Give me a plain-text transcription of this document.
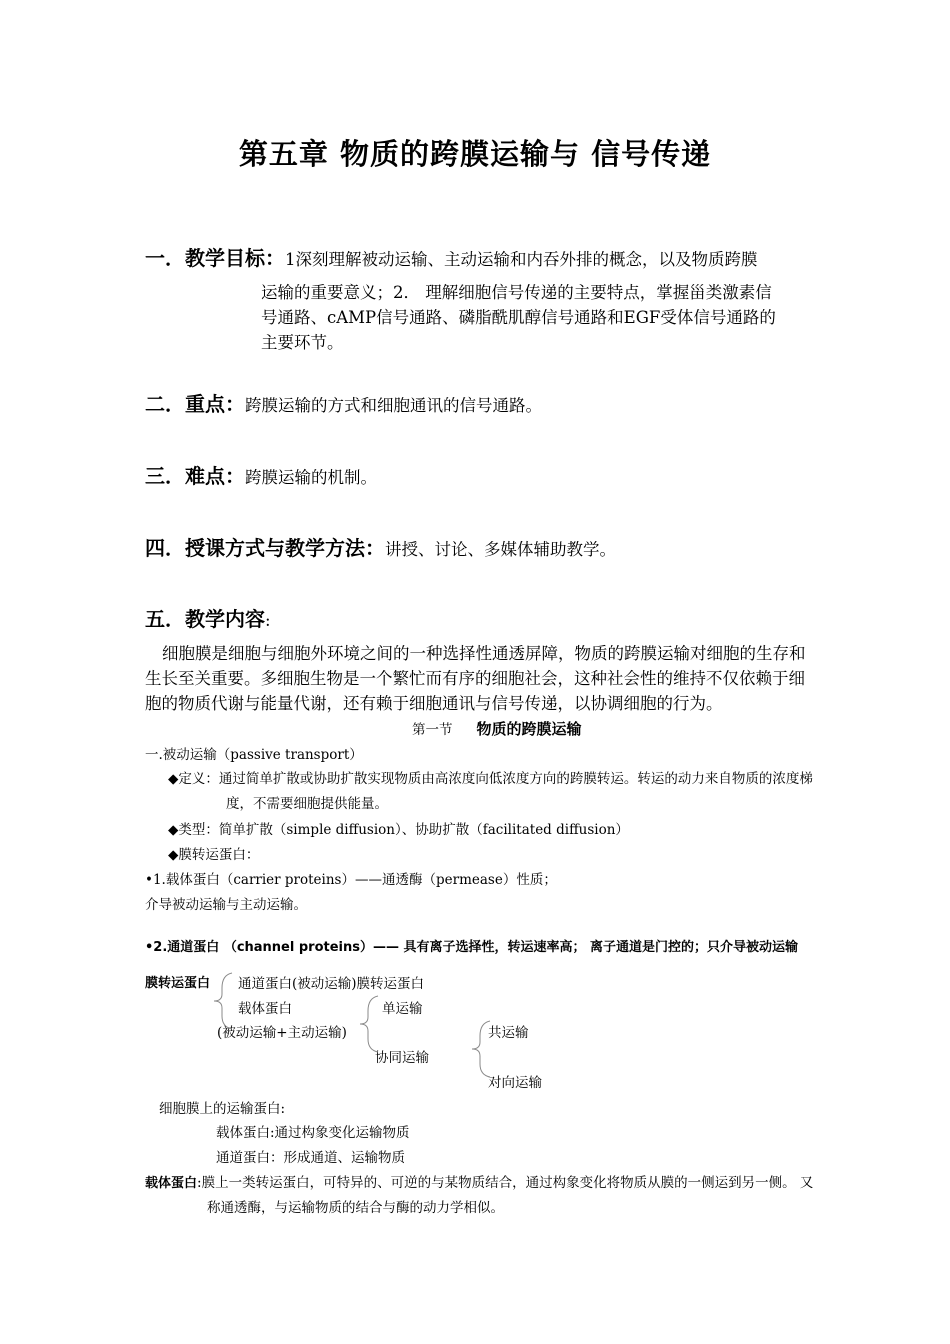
第五章 物质的跨膜运输与 信号传递
一．教学目标：1深刻理解被动运输、主动运输和内吞外排的概念，以及物质跨膜
运输的重要意义；2． 理解细胞信号传递的主要特点，掌握甾类激素信
号通路、cAMP信号通路、磷脂酰肌醇信号通路和EGF受体信号通路的
主要环节。
二．重点：跨膜运输的方式和细胞通讯的信号通路。
三．难点：跨膜运输的机制。
四．授课方式与教学方法：讲授、讨论、多媒体辅助教学。
五．教学内容:
细胞膜是细胞与细胞外环境之间的一种选择性通透屏障，物质的跨膜运输对细胞的生存和
生长至关重要。多细胞生物是一个繁忙而有序的细胞社会，这种社会性的维持不仅依赖于细
胞的物质代谢与能量代谢，还有赖于细胞通讯与信号传递，以协调细胞的行为。
第一节 物质的跨膜运输
一.被动运输（passive transport）
◆定义：通过简单扩散或协助扩散实现物质由高浓度向低浓度方向的跨膜转运。转运的动力来自物质的浓度梯
度，不需要细胞提供能量。
◆类型：简单扩散（simple diffusion）、协助扩散（facilitated diffusion）
◆膜转运蛋白：
•1.载体蛋白（carrier proteins）——通透酶（permease）性质；
介导被动运输与主动运输。
•2.通道蛋白 （channel proteins）—— 具有离子选择性，转运速率高； 离子通道是门控的；只介导被动运输
膜转运蛋白 通道蛋白(被动运输)膜转运蛋白
载体蛋白
(被动运输+主动运输)
单运输
协同运输
共运输
对向运输
细胞膜上的运输蛋白:
载体蛋白:通过构象变化运输物质
通道蛋白：形成通道、运输物质
载体蛋白:膜上一类转运蛋白，可特异的、可逆的与某物质结合，通过构象变化将物质从膜的一侧运到另一侧。 又
称通透酶，与运输物质的结合与酶的动力学相似。
